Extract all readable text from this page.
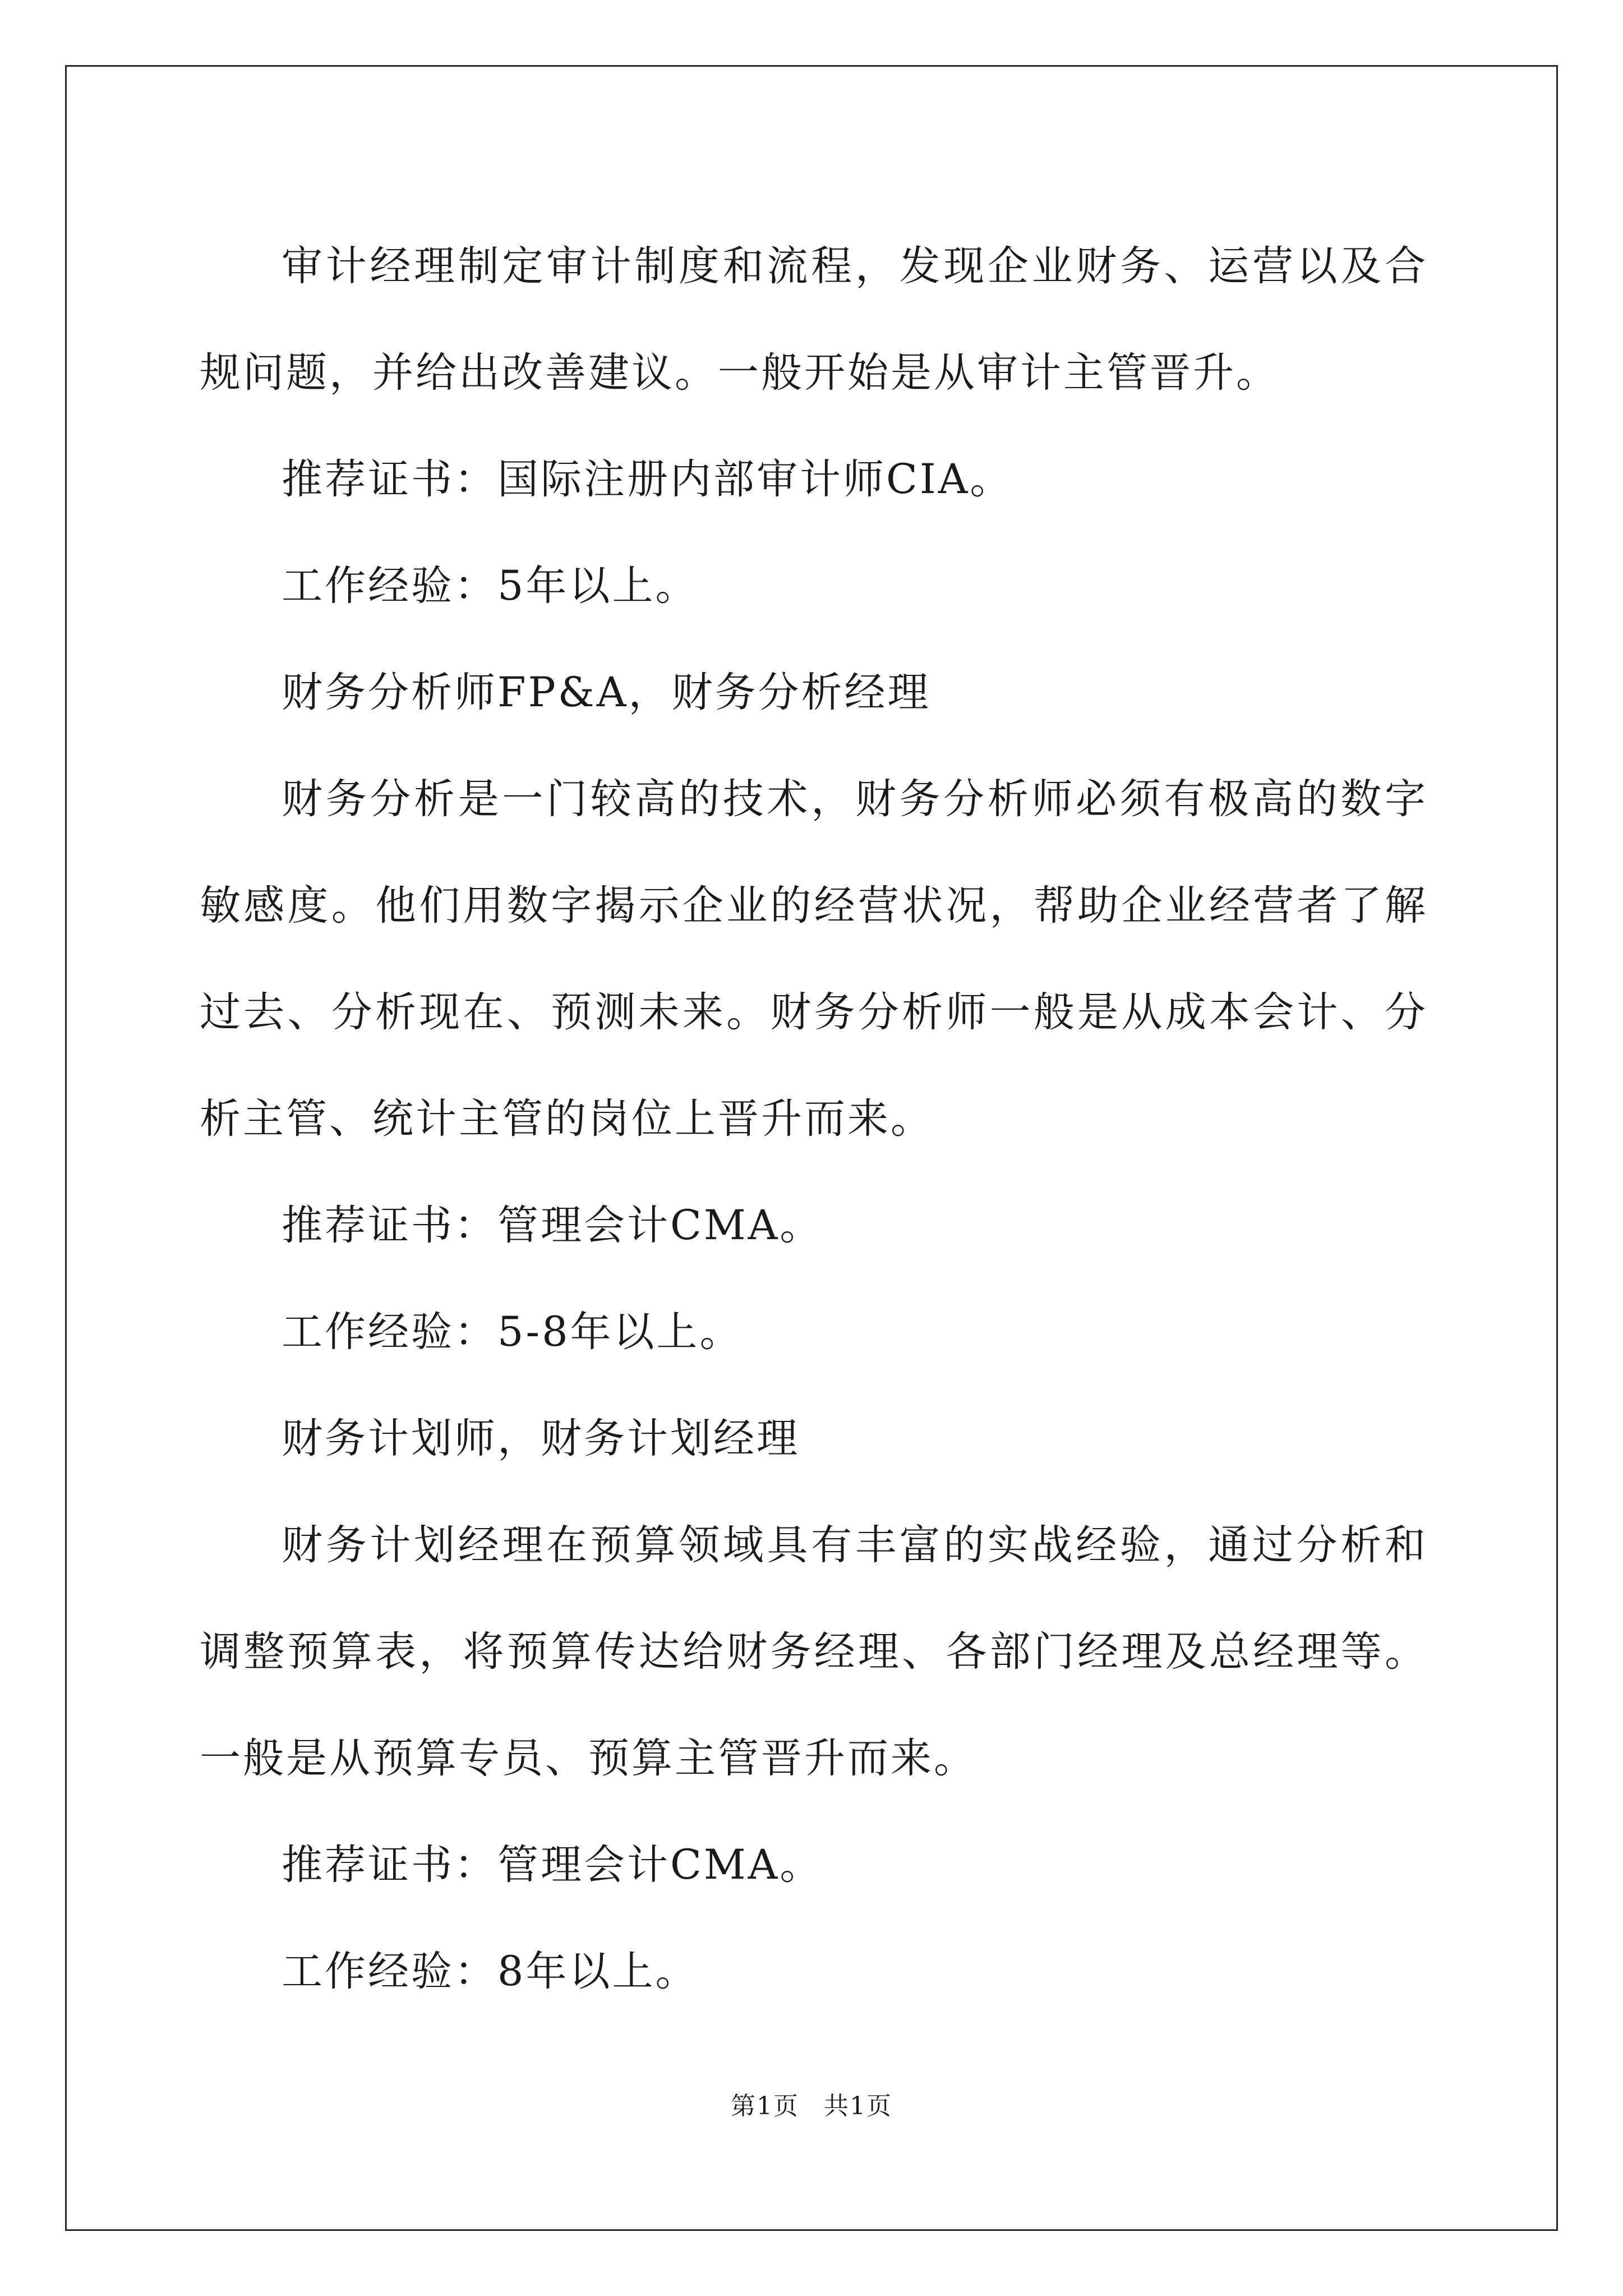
审计经理制定审计制度和流程，发现企业财务、运营以及合规问题，并给出改善建议。一般开始是从审计主管晋升。

推荐证书：国际注册内部审计师CIA。

工作经验：5年以上。

财务分析师FP&A，财务分析经理

财务分析是一门较高的技术，财务分析师必须有极高的数字敏感度。他们用数字揭示企业的经营状况，帮助企业经营者了解过去、分析现在、预测未来。财务分析师一般是从成本会计、分析主管、统计主管的岗位上晋升而来。

推荐证书：管理会计CMA。

工作经验：5-8年以上。

财务计划师，财务计划经理

财务计划经理在预算领域具有丰富的实战经验，通过分析和调整预算表，将预算传达给财务经理、各部门经理及总经理等。一般是从预算专员、预算主管晋升而来。

推荐证书：管理会计CMA。

工作经验：8年以上。

第1页 共1页
